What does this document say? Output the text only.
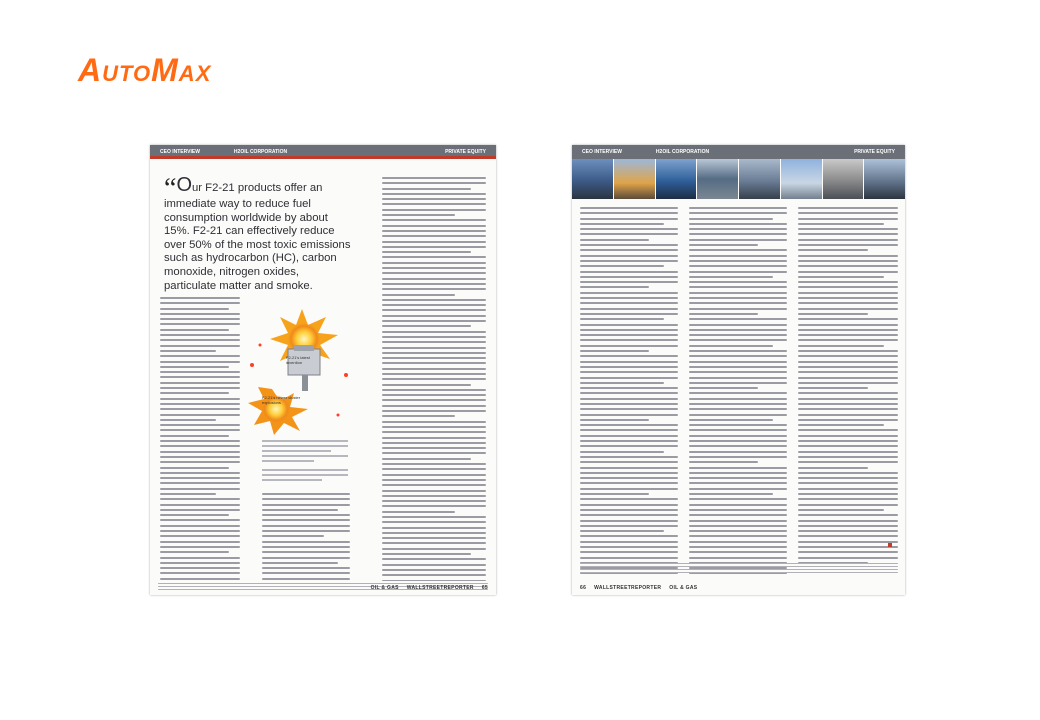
AutoMax
CEO INTERVIEW	H2OIL CORPORATION	PRIVATE EQUITY
“Our F2-21 products offer an immediate way to reduce fuel consumption worldwide by about 15%. F2-21 can effectively reduce over 50% of the most toxic emissions such as hydrocarbon (HC), carbon monoxide, nitrogen oxides, particulate matter and smoke.
F2-21's latest invention
F2-21's newer cluster explosions
OIL & GAS WALLSTREETREPORTER 65
CEO INTERVIEW	H2OIL CORPORATION	PRIVATE EQUITY
66 WALLSTREETREPORTER OIL & GAS
